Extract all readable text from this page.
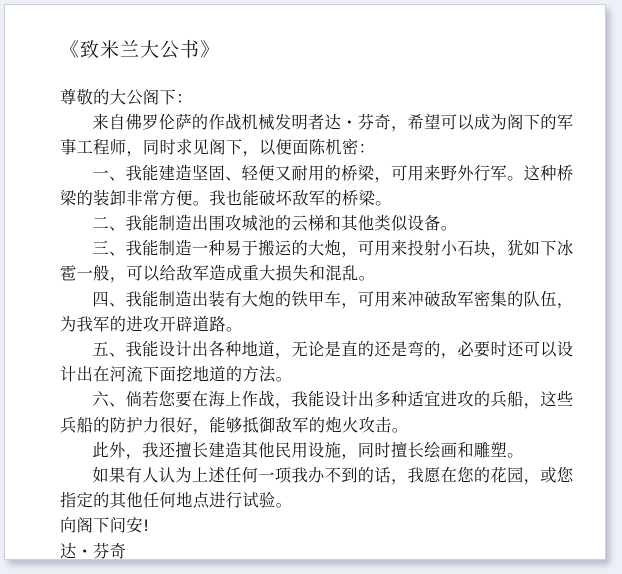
《致米兰大公书》

尊敬的大公阁下：

来自佛罗伦萨的作战机械发明者达・芬奇，希望可以成为阁下的军事工程师，同时求见阁下，以便面陈机密：

一、我能建造坚固、轻便又耐用的桥梁，可用来野外行军。这种桥梁的装卸非常方便。我也能破坏敌军的桥梁。

二、我能制造出围攻城池的云梯和其他类似设备。

三、我能制造一种易于搬运的大炮，可用来投射小石块，犹如下冰雹一般，可以给敌军造成重大损失和混乱。

四、我能制造出装有大炮的铁甲车，可用来冲破敌军密集的队伍，为我军的进攻开辟道路。

五、我能设计出各种地道，无论是直的还是弯的，必要时还可以设计出在河流下面挖地道的方法。

六、倘若您要在海上作战，我能设计出多种适宜进攻的兵船，这些兵船的防护力很好，能够抵御敌军的炮火攻击。

此外，我还擅长建造其他民用设施，同时擅长绘画和雕塑。

如果有人认为上述任何一项我办不到的话，我愿在您的花园，或您指定的其他任何地点进行试验。

向阁下问安!

达・芬奇
